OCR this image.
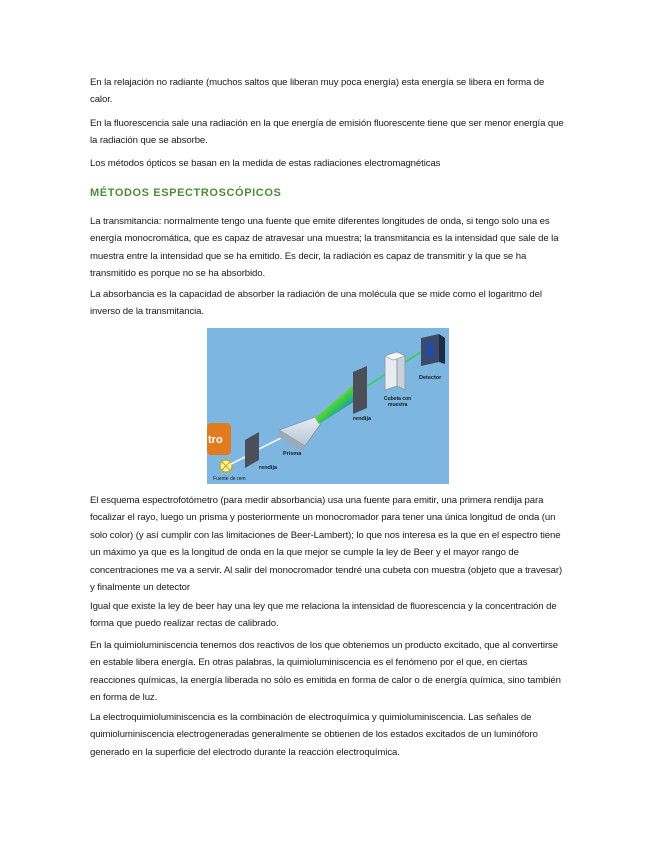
En la relajación no radiante (muchos saltos que liberan muy poca energía) esta energía se libera en forma de calor.

En la fluorescencia sale una radiación en la que energía de emisión fluorescente tiene que ser menor energía que la radiación que se absorbe.

Los métodos ópticos se basan en la medida de estas radiaciones electromagnéticas

MÉTODOS ESPECTROSCÓPICOS

La transmitancia: normalmente tengo una fuente que emite diferentes longitudes de onda, si tengo solo una es energía monocromática, que es capaz de atravesar una muestra; la transmitancia es la intensidad que sale de la muestra entre la intensidad que se ha emitido. Es decir, la radiación es capaz de transmitir y la que se ha transmitido es porque no se ha absorbido.

La absorbancia es la capacidad de absorber la radiación de una molécula que se mide como el logaritmo del inverso de la transmitancia.

tro
Fuente de rem
rendija
Prisma
rendija
Cubeta con
muestra
Detector

El esquema espectrofotómetro (para medir absorbancia) usa una fuente para emitir, una primera rendija para focalizar el rayo, luego un prisma y posteriormente un monocromador para tener una única longitud de onda (un solo color) (y así cumplir con las limitaciones de Beer-Lambert); lo que nos interesa es la que en el espectro tiene un máximo ya que es la longitud de onda en la que mejor se cumple la ley de Beer y el mayor rango de concentraciones me va a servir. Al salir del monocromador tendré una cubeta con muestra (objeto que a travesar) y finalmente un detector

Igual que existe la ley de beer hay una ley que me relaciona la intensidad de fluorescencia y la concentración de forma que puedo realizar rectas de calibrado.

En la quimioluminiscencia tenemos dos reactivos de los que obtenemos un producto excitado, que al convertirse en estable libera energía. En otras palabras, la quimioluminiscencia es el fenómeno por el que, en ciertas reacciones químicas, la energía liberada no sólo es emitida en forma de calor o de energía química, sino también en forma de luz.

La electroquimioluminiscencia es la combinación de electroquímica y quimioluminiscencia. Las señales de quimioluminiscencia electrogeneradas generalmente se obtienen de los estados excitados de un luminóforo generado en la superficie del electrodo durante la reacción electroquímica.
